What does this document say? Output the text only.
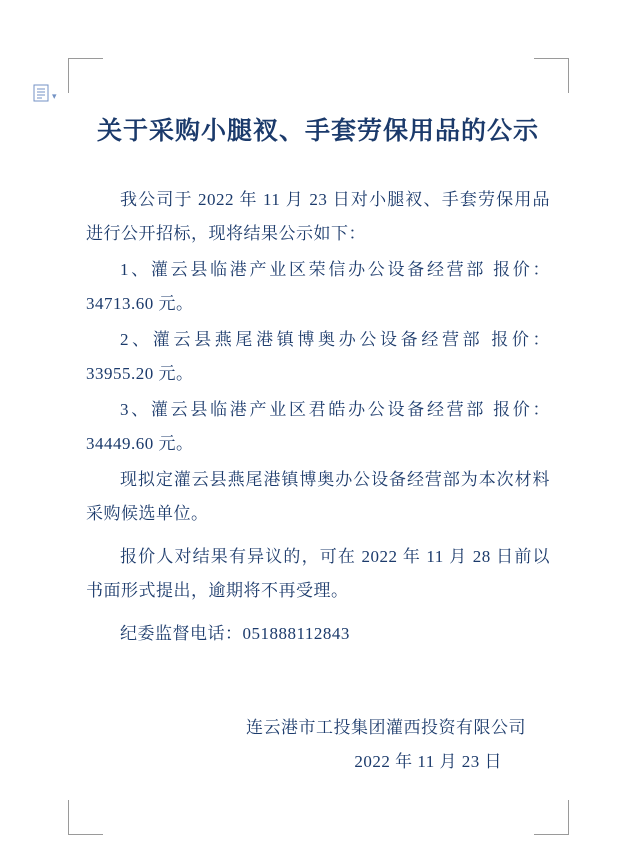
▾
关于采购小腿衩、手套劳保用品的公示

我公司于 2022 年 11 月 23 日对小腿衩、手套劳保用品进行公开招标，现将结果公示如下：

1、灌云县临港产业区荣信办公设备经营部 报价：34713.60 元。

2、灌云县燕尾港镇博奥办公设备经营部 报价：33955.20 元。

3、灌云县临港产业区君皓办公设备经营部 报价：34449.60 元。

现拟定灌云县燕尾港镇博奥办公设备经营部为本次材料采购候选单位。

报价人对结果有异议的，可在 2022 年 11 月 28 日前以书面形式提出，逾期将不再受理。

纪委监督电话：051888112843

连云港市工投集团灌西投资有限公司

2022 年 11 月 23 日
